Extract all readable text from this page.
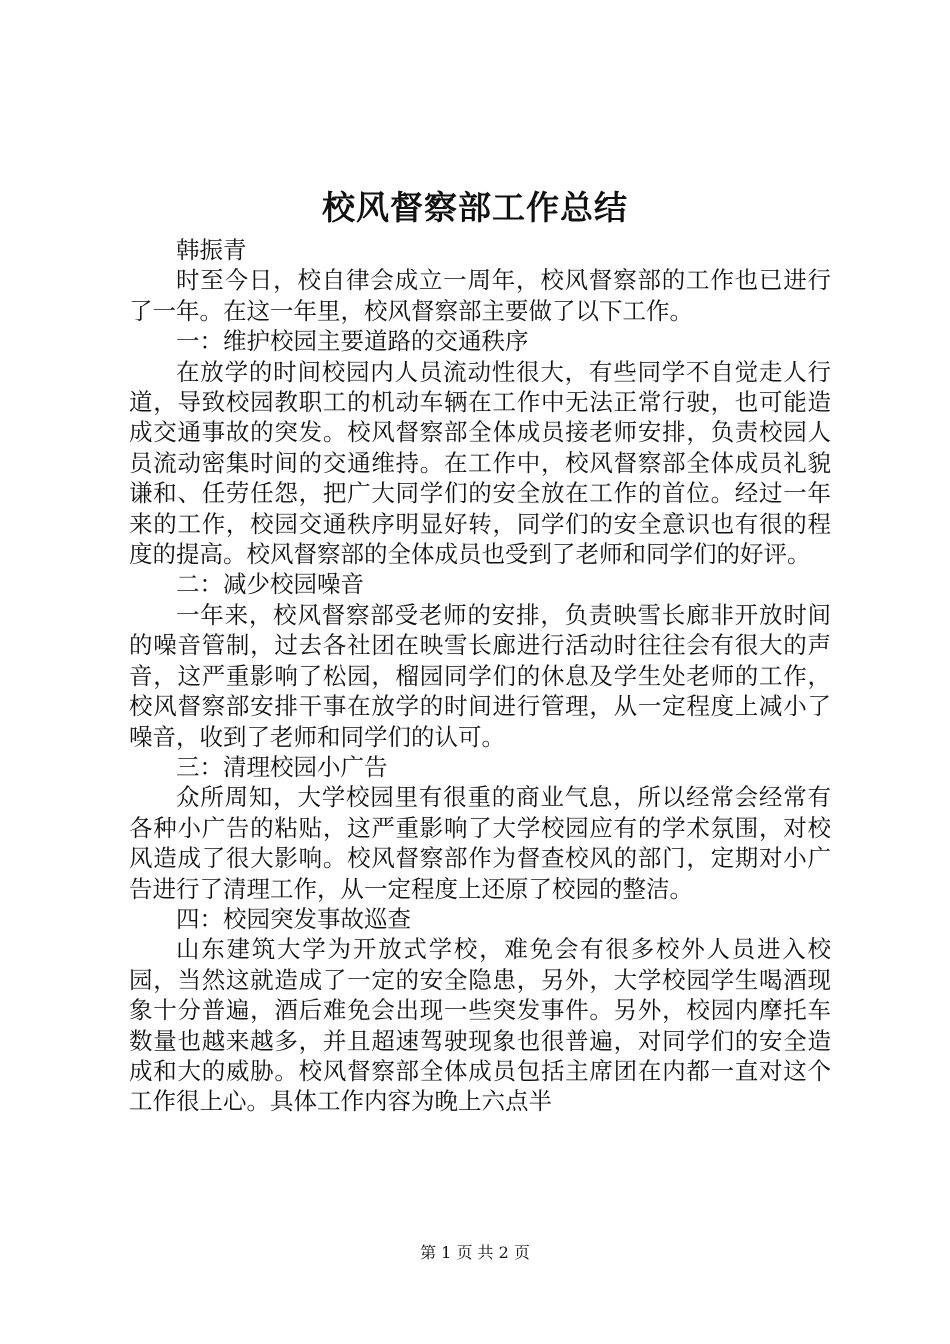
校风督察部工作总结

韩振青

时至今日，校自律会成立一周年，校风督察部的工作也已进行了一年。在这一年里，校风督察部主要做了以下工作。

一：维护校园主要道路的交通秩序

在放学的时间校园内人员流动性很大，有些同学不自觉走人行道，导致校园教职工的机动车辆在工作中无法正常行驶，也可能造成交通事故的突发。校风督察部全体成员接老师安排，负责校园人员流动密集时间的交通维持。在工作中，校风督察部全体成员礼貌谦和、任劳任怨，把广大同学们的安全放在工作的首位。经过一年来的工作，校园交通秩序明显好转，同学们的安全意识也有很的程度的提高。校风督察部的全体成员也受到了老师和同学们的好评。

二：减少校园噪音

一年来，校风督察部受老师的安排，负责映雪长廊非开放时间的噪音管制，过去各社团在映雪长廊进行活动时往往会有很大的声音，这严重影响了松园，榴园同学们的休息及学生处老师的工作，校风督察部安排干事在放学的时间进行管理，从一定程度上减小了噪音，收到了老师和同学们的认可。

三：清理校园小广告

众所周知，大学校园里有很重的商业气息，所以经常会经常有各种小广告的粘贴，这严重影响了大学校园应有的学术氛围，对校风造成了很大影响。校风督察部作为督查校风的部门，定期对小广告进行了清理工作，从一定程度上还原了校园的整洁。

四：校园突发事故巡查

山东建筑大学为开放式学校，难免会有很多校外人员进入校园，当然这就造成了一定的安全隐患，另外，大学校园学生喝酒现象十分普遍，酒后难免会出现一些突发事件。另外，校园内摩托车数量也越来越多，并且超速驾驶现象也很普遍，对同学们的安全造成和大的威胁。校风督察部全体成员包括主席团在内都一直对这个工作很上心。具体工作内容为晚上六点半

第 1 页 共 2 页
